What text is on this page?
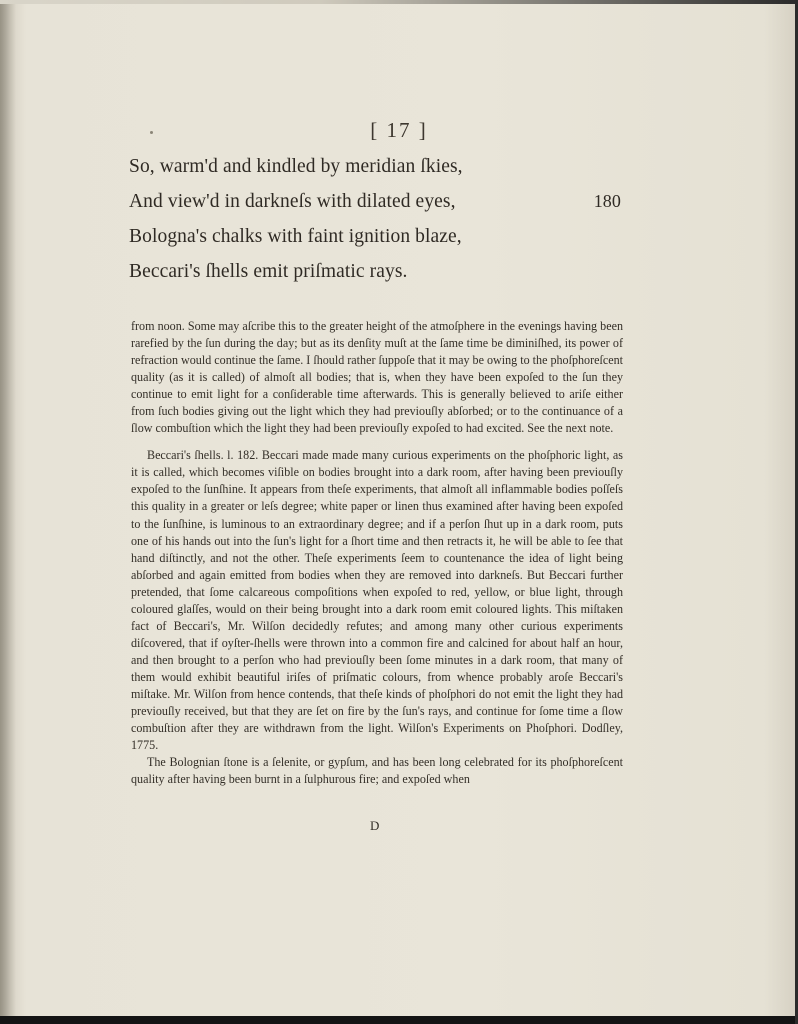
[ 17 ]
So, warm'd and kindled by meridian ſkies,
And view'd in darkneſs with dilated eyes,	180
Bologna's chalks with faint ignition blaze,
Beccari's ſhells emit priſmatic rays.

from noon. Some may aſcribe this to the greater height of the atmoſphere in the evenings having been rarefied by the ſun during the day; but as its denſity muſt at the ſame time be diminiſhed, its power of refraction would continue the ſame. I ſhould rather ſuppoſe that it may be owing to the phoſphoreſcent quality (as it is called) of almoſt all bodies; that is, when they have been expoſed to the ſun they continue to emit light for a conſiderable time afterwards. This is generally believed to ariſe either from ſuch bodies giving out the light which they had previouſly abſorbed; or to the continuance of a ſlow combuſtion which the light they had been previouſly expoſed to had excited. See the next note.

Beccari's ſhells. l. 182. Beccari made made many curious experiments on the phoſphoric light, as it is called, which becomes viſible on bodies brought into a dark room, after having been previouſly expoſed to the ſunſhine. It appears from theſe experiments, that almoſt all inflammable bodies poſſeſs this quality in a greater or leſs degree; white paper or linen thus examined after having been expoſed to the ſunſhine, is luminous to an extraordinary degree; and if a perſon ſhut up in a dark room, puts one of his hands out into the ſun's light for a ſhort time and then retracts it, he will be able to ſee that hand diſtinctly, and not the other. Theſe experiments ſeem to countenance the idea of light being abſorbed and again emitted from bodies when they are removed into darkneſs. But Beccari further pretended, that ſome calcareous compoſitions when expoſed to red, yellow, or blue light, through coloured glaſſes, would on their being brought into a dark room emit coloured lights. This miſtaken fact of Beccari's, Mr. Wilſon decidedly refutes; and among many other curious experiments diſcovered, that if oyſter-ſhells were thrown into a common fire and calcined for about half an hour, and then brought to a perſon who had previouſly been ſome minutes in a dark room, that many of them would exhibit beautiful iriſes of priſmatic colours, from whence probably aroſe Beccari's miſtake. Mr. Wilſon from hence contends, that theſe kinds of phoſphori do not emit the light they had previouſly received, but that they are ſet on fire by the ſun's rays, and continue for ſome time a ſlow combuſtion after they are withdrawn from the light. Wilſon's Experiments on Phoſphori. Dodſley, 1775.

The Bolognian ſtone is a ſelenite, or gypſum, and has been long celebrated for its phoſphoreſcent quality after having been burnt in a ſulphurous fire; and expoſed when

D
